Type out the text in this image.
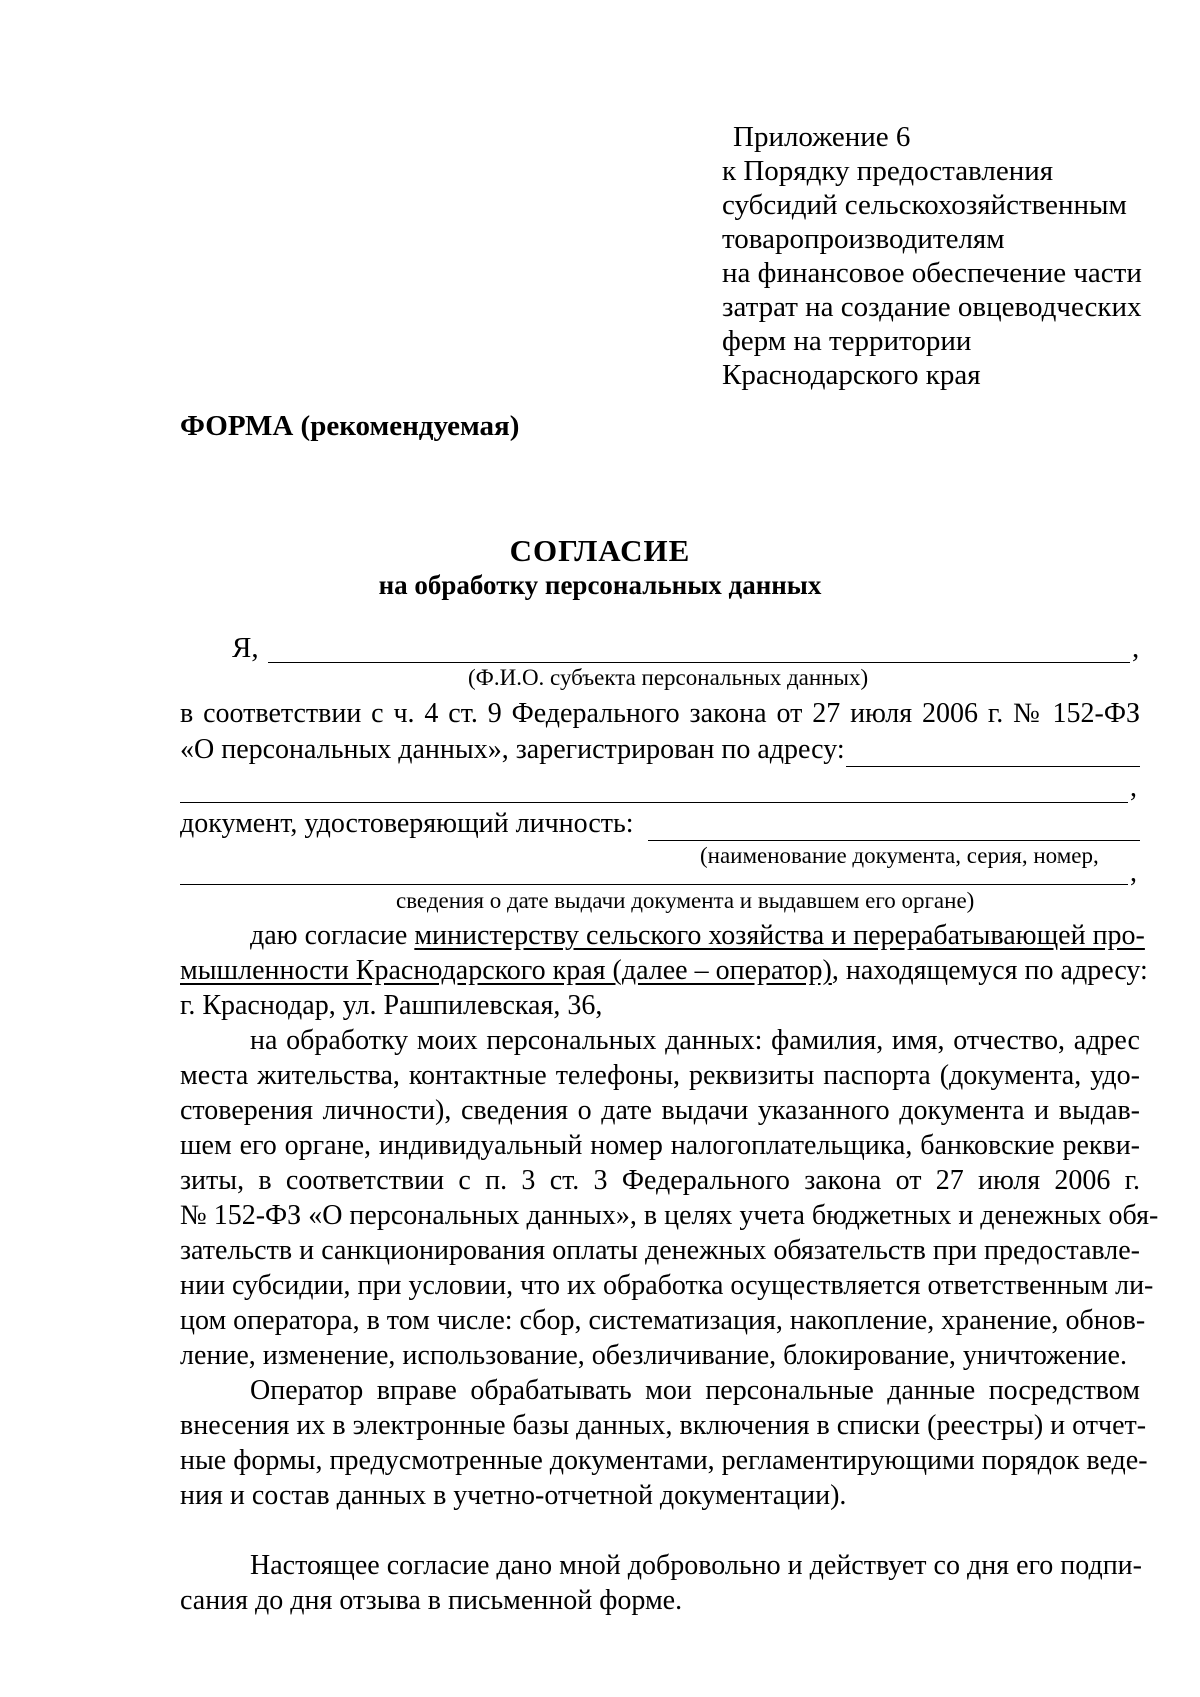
Приложение 6
к Порядку предоставления
субсидий сельскохозяйственным
товаропроизводителям
на финансовое обеспечение части
затрат на создание овцеводческих
ферм на территории
Краснодарского края
ФОРМА (рекомендуемая)
СОГЛАСИЕ
на обработку персональных данных
Я,	,
(Ф.И.О. субъекта персональных данных)
в соответствии с ч. 4 ст. 9 Федерального закона от 27 июля 2006 г. № 152-ФЗ
«О персональных данных», зарегистрирован по адресу:
,
документ, удостоверяющий личность:
(наименование документа, серия, номер,
,
сведения о дате выдачи документа и выдавшем его органе)
даю согласие министерству сельского хозяйства и перерабатывающей про-
мышленности Краснодарского края (далее – оператор), находящемуся по адресу:
г. Краснодар, ул. Рашпилевская, 36,
на обработку моих персональных данных: фамилия, имя, отчество, адрес
места жительства, контактные телефоны, реквизиты паспорта (документа, удо-
стоверения личности), сведения о дате выдачи указанного документа и выдав-
шем его органе, индивидуальный номер налогоплательщика, банковские рекви-
зиты, в соответствии с п. 3 ст. 3 Федерального закона от 27 июля 2006 г.
№ 152-ФЗ «О персональных данных», в целях учета бюджетных и денежных обя-
зательств и санкционирования оплаты денежных обязательств при предоставле-
нии субсидии, при условии, что их обработка осуществляется ответственным ли-
цом оператора, в том числе: сбор, систематизация, накопление, хранение, обнов-
ление, изменение, использование, обезличивание, блокирование, уничтожение.
Оператор вправе обрабатывать мои персональные данные посредством
внесения их в электронные базы данных, включения в списки (реестры) и отчет-
ные формы, предусмотренные документами, регламентирующими порядок веде-
ния и состав данных в учетно-отчетной документации).
Настоящее согласие дано мной добровольно и действует со дня его подпи-
сания до дня отзыва в письменной форме.
